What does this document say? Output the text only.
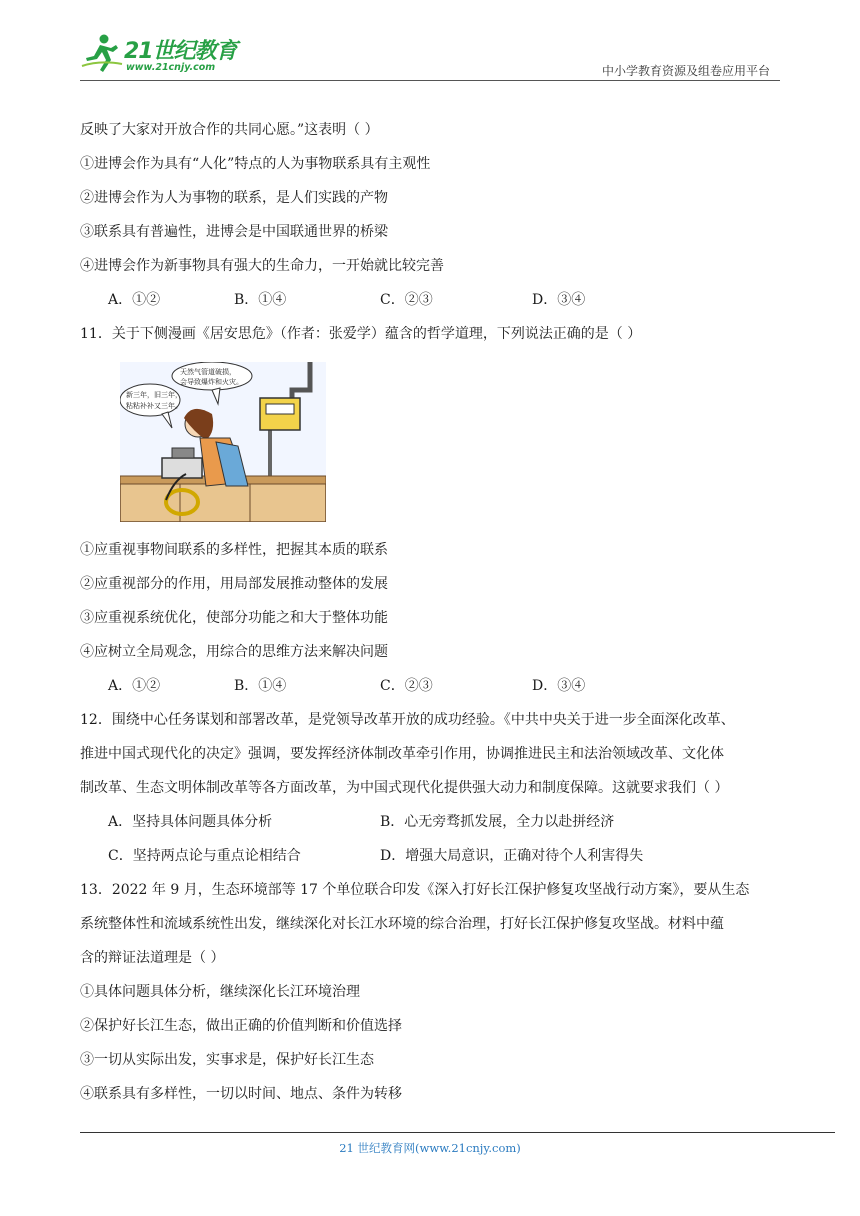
21世纪教育
www.21cnjy.com	中小学教育资源及组卷应用平台
反映了大家对开放合作的共同心愿。”这表明（ ）
①进博会作为具有“人化”特点的人为事物联系具有主观性
②进博会作为人为事物的联系，是人们实践的产物
③联系具有普遍性，进博会是中国联通世界的桥梁
④进博会作为新事物具有强大的生命力，一开始就比较完善
A．①②	B．①④	C．②③	D．③④
11．关于下侧漫画《居安思危》（作者：张爱学）蕴含的哲学道理，下列说法正确的是（ ）
新三年，旧三年，
粘粘补补又三年。
天然气管道破损，
会导致爆炸和火灾。
①应重视事物间联系的多样性，把握其本质的联系
②应重视部分的作用，用局部发展推动整体的发展
③应重视系统优化，使部分功能之和大于整体功能
④应树立全局观念，用综合的思维方法来解决问题
A．①②	B．①④	C．②③	D．③④
12．围绕中心任务谋划和部署改革，是党领导改革开放的成功经验。《中共中央关于进一步全面深化改革、
推进中国式现代化的决定》强调，要发挥经济体制改革牵引作用，协调推进民主和法治领域改革、文化体
制改革、生态文明体制改革等各方面改革，为中国式现代化提供强大动力和制度保障。这就要求我们（ ）
A．坚持具体问题具体分析	B．心无旁骛抓发展，全力以赴拼经济
C．坚持两点论与重点论相结合	D．增强大局意识，正确对待个人利害得失
13．2022 年 9 月，生态环境部等 17 个单位联合印发《深入打好长江保护修复攻坚战行动方案》，要从生态
系统整体性和流域系统性出发，继续深化对长江水环境的综合治理，打好长江保护修复攻坚战。材料中蕴
含的辩证法道理是（ ）
①具体问题具体分析，继续深化长江环境治理
②保护好长江生态，做出正确的价值判断和价值选择
③一切从实际出发，实事求是，保护好长江生态
④联系具有多样性，一切以时间、地点、条件为转移
21 世纪教育网(www.21cnjy.com)
